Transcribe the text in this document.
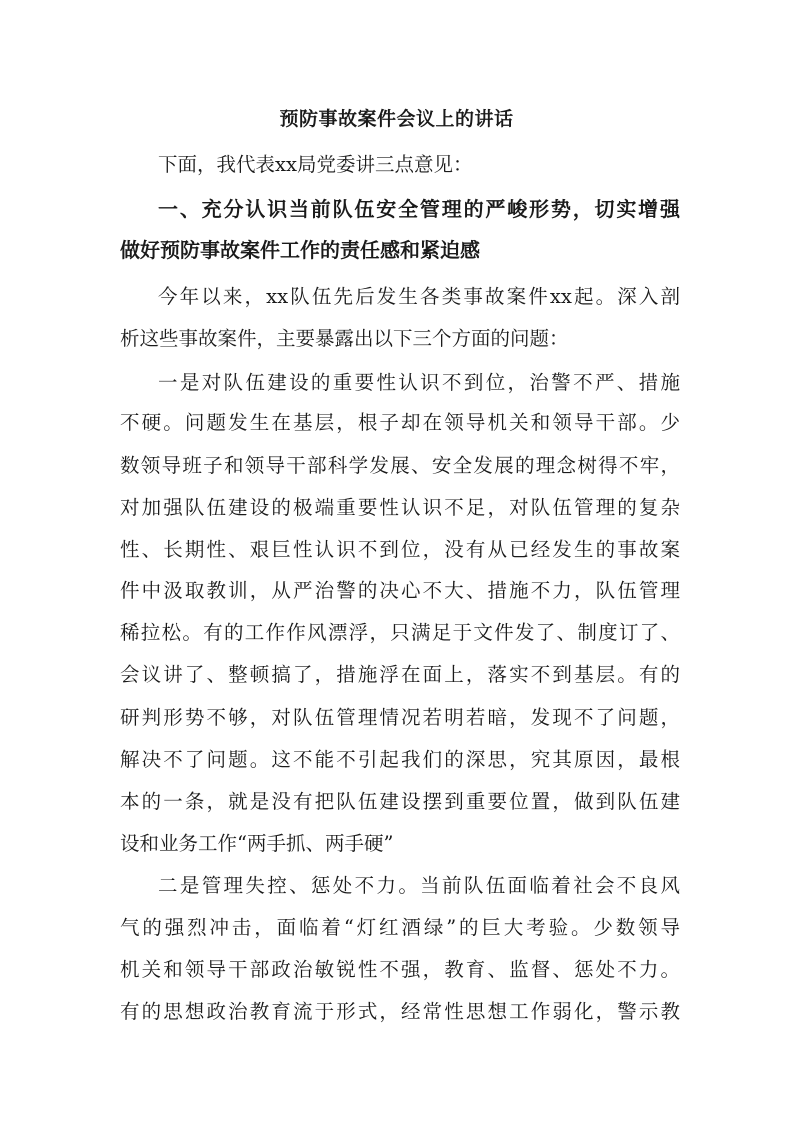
预防事故案件会议上的讲话
下面，我代表xx局党委讲三点意见：
一、充分认识当前队伍安全管理的严峻形势，切实增强
做好预防事故案件工作的责任感和紧迫感
今年以来，xx队伍先后发生各类事故案件xx起。深入剖
析这些事故案件，主要暴露出以下三个方面的问题：
一是对队伍建设的重要性认识不到位，治警不严、措施
不硬。问题发生在基层，根子却在领导机关和领导干部。少
数领导班子和领导干部科学发展、安全发展的理念树得不牢，
对加强队伍建设的极端重要性认识不足，对队伍管理的复杂
性、长期性、艰巨性认识不到位，没有从已经发生的事故案
件中汲取教训，从严治警的决心不大、措施不力，队伍管理
稀拉松。有的工作作风漂浮，只满足于文件发了、制度订了、
会议讲了、整顿搞了，措施浮在面上，落实不到基层。有的
研判形势不够，对队伍管理情况若明若暗，发现不了问题，
解决不了问题。这不能不引起我们的深思，究其原因，最根
本的一条，就是没有把队伍建设摆到重要位置，做到队伍建
设和业务工作“两手抓、两手硬”
二是管理失控、惩处不力。当前队伍面临着社会不良风
气的强烈冲击，面临着“灯红酒绿”的巨大考验。少数领导
机关和领导干部政治敏锐性不强，教育、监督、惩处不力。
有的思想政治教育流于形式，经常性思想工作弱化，警示教
